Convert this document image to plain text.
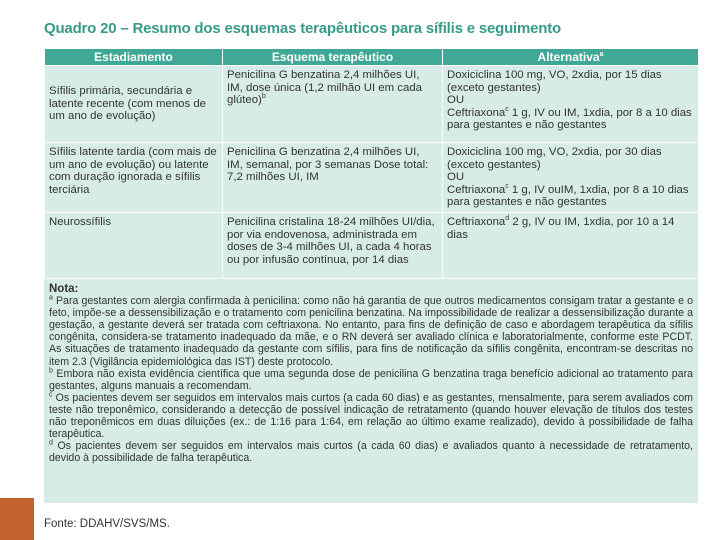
Quadro 20 – Resumo dos esquemas terapêuticos para sífilis e seguimento
Estadiamento	Esquema terapêutico	Alternativa$^a$
Sífilis primária, secundária e latente recente (com menos de um ano de evolução)	Penicilina G benzatina 2,4 milhões UI, IM, dose única (1,2 milhão UI em cada glúteo)$^b$	Doxiciclina 100 mg, VO, 2xdia, por 15 dias (exceto gestantes)
OU
Ceftriaxona$^c$ 1 g, IV ou IM, 1xdia, por 8 a 10 dias para gestantes e não gestantes

Sífilis latente tardia (com mais de um ano de evolução) ou latente com duração ignorada e sífilis terciária	Penicilina G benzatina 2,4 milhões UI, IM, semanal, por 3 semanas Dose total: 7,2 milhões UI, IM	Doxiciclina 100 mg, VO, 2xdia, por 30 dias (exceto gestantes)
OU
Ceftriaxona$^c$ 1 g, IV ouIM, 1xdia, por 8 a 10 dias para gestantes e não gestantes

Neurossífilis	Penicilina cristalina 18-24 milhões UI/dia, por via endovenosa, administrada em doses de 3-4 milhões UI, a cada 4 horas ou por infusão contínua, por 14 dias	Ceftriaxona$^d$ 2 g, IV ou IM, 1xdia, por 10 a 14 dias

Nota:

$^a$ Para gestantes com alergia confirmada à penicilina: como não há garantia de que outros medicamentos consigam tratar a gestante e o feto, impõe-se a dessensibilização e o tratamento com penicilina benzatina. Na impossibilidade de realizar a dessensibilização durante a gestação, a gestante deverá ser tratada com ceftriaxona. No entanto, para fins de definição de caso e abordagem terapêutica da sífilis congênita, considera-se tratamento inadequado da mãe, e o RN deverá ser avaliado clínica e laboratorialmente, conforme este PCDT. As situações de tratamento inadequado da gestante com sífilis, para fins de notificação da sífilis congênita, encontram-se descritas no item 2.3 (Vigilância epidemiológica das IST) deste protocolo.

$^b$ Embora não exista evidência científica que uma segunda dose de penicilina G benzatina traga benefício adicional ao tratamento para gestantes, alguns manuais a recomendam.

$^c$ Os pacientes devem ser seguidos em intervalos mais curtos (a cada 60 dias) e as gestantes, mensalmente, para serem avaliados com teste não treponêmico, considerando a detecção de possível indicação de retratamento (quando houver elevação de títulos dos testes não treponêmicos em duas diluições (ex.: de 1:16 para 1:64, em relação ao último exame realizado), devido à possibilidade de falha terapêutica.

$^d$ Os pacientes devem ser seguidos em intervalos mais curtos (a cada 60 dias) e avaliados quanto à necessidade de retratamento, devido à possibilidade de falha terapêutica.

Fonte: DDAHV/SVS/MS.
